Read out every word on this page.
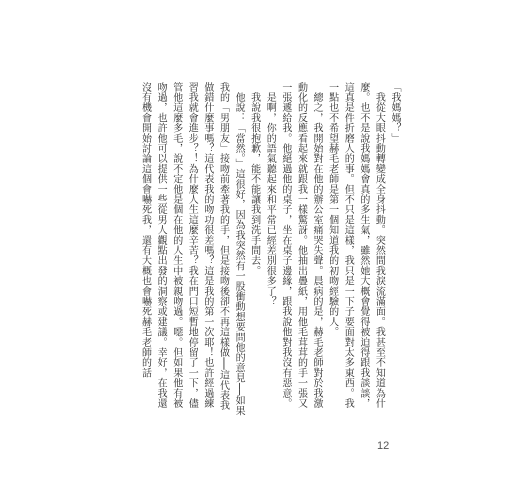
「我媽媽？」

　我從大眼抖動轉變成全身抖動。突然間我淚流滿面。我甚至不知道為什麼。也不是說我媽媽會真的多生氣，雖然她大概會覺得被迫得跟我談談，這真是件折磨人的事。但不只是這樣，我只是一下子要面對太多東西。我一點也不希望赫毛老師是第一個知道我的初吻經驗的人。

　總之，我開始對在他的辦公室痛哭失聲。晨病的是，赫毛老師對於我激動化的反應看起來就跟我一樣驚訝。他抽出疊紙，用他毛茸茸的手一張又一張遞給我。他絕過他的桌子，坐在桌子邊緣，跟我說他對我沒有惡意。

　是啊，你的語氣聽起來和平常已經差別很多了？

　我說我很抱歉，能不能讓我到洗手間去。

　他說：「當然。」這很好，因為我突然有一股衝動想要問他的意見──如果我的「男朋友」接吻前牽著我的手，但是接吻後卻不再這樣做──這代表我做錯什麼事嗎？這代表我的吻功很差嗎？這是我的第一次耶！也許經過練習我就會進步？！為什麼人生這麼辛苦？我在門口短暫地停留了一下，儘管他這麼多毛，說不定他是個在他的人生中被親吻過。噁。但如果他有被吻過，也許他可以提供一些從男人觀點出發的洞察或建議。幸好，在我還沒有機會開始討論這個會嚇死我，還有大概也會嚇死赫毛老師的話

12
